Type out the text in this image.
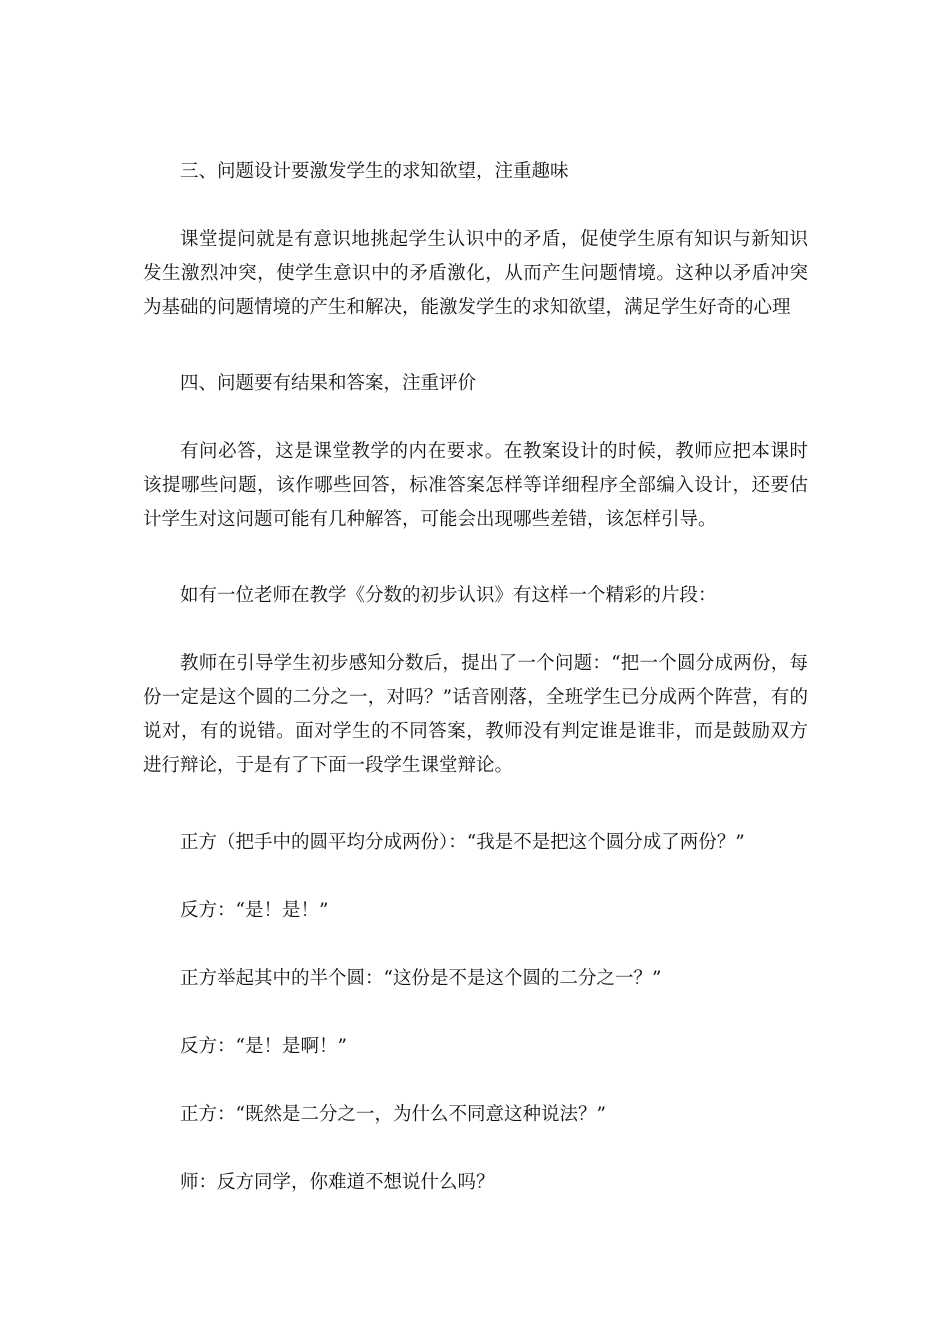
三、问题设计要激发学生的求知欲望，注重趣味

课堂提问就是有意识地挑起学生认识中的矛盾，促使学生原有知识与新知识发生激烈冲突，使学生意识中的矛盾激化，从而产生问题情境。这种以矛盾冲突为基础的问题情境的产生和解决，能激发学生的求知欲望，满足学生好奇的心理

四、问题要有结果和答案，注重评价

有问必答，这是课堂教学的内在要求。在教案设计的时候，教师应把本课时该提哪些问题，该作哪些回答，标准答案怎样等详细程序全部编入设计，还要估计学生对这问题可能有几种解答，可能会出现哪些差错，该怎样引导。

如有一位老师在教学《分数的初步认识》有这样一个精彩的片段：

教师在引导学生初步感知分数后，提出了一个问题：“把一个圆分成两份，每份一定是这个圆的二分之一，对吗？”话音刚落，全班学生已分成两个阵营，有的说对，有的说错。面对学生的不同答案，教师没有判定谁是谁非，而是鼓励双方进行辩论，于是有了下面一段学生课堂辩论。

正方（把手中的圆平均分成两份）：“我是不是把这个圆分成了两份？”

反方：“是！是！”

正方举起其中的半个圆：“这份是不是这个圆的二分之一？”

反方：“是！是啊！”

正方：“既然是二分之一，为什么不同意这种说法？”

师：反方同学，你难道不想说什么吗？
